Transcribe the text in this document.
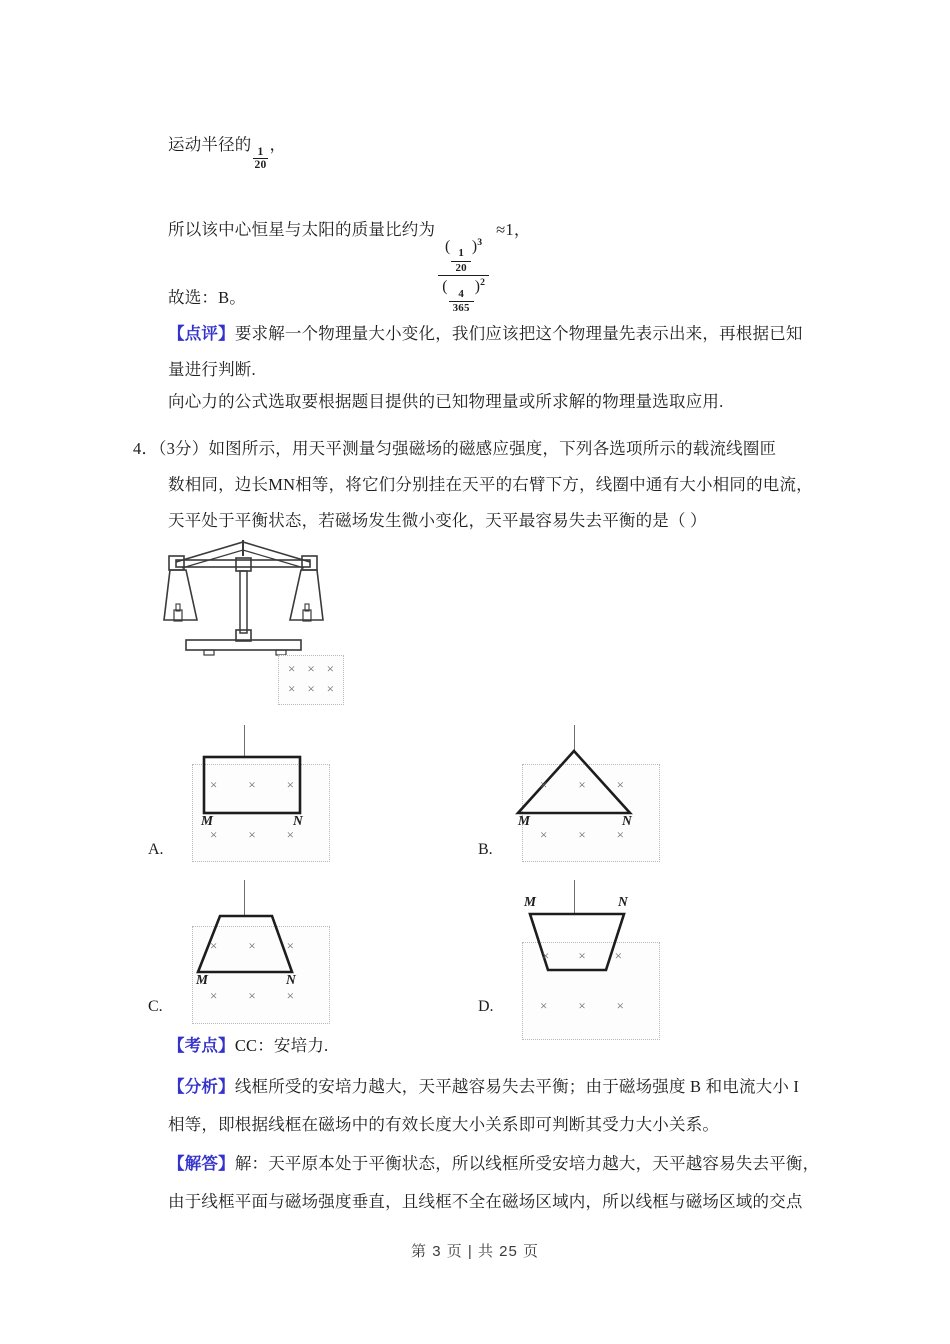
运动半径的
$\frac{1}{20}$
，
所以该中心恒星与太阳的质量比约为
(
$\frac{1}{20}$
)$^3$
(
$\frac{4}{365}$
)$^2$
≈1，
故选：B。
【点评】要求解一个物理量大小变化，我们应该把这个物理量先表示出来，再根据已知
量进行判断.
向心力的公式选取要根据题目提供的已知物理量或所求解的物理量选取应用.
4．（3分）如图所示，用天平测量匀强磁场的磁感应强度，下列各选项所示的载流线圈匝
数相同，边长MN相等，将它们分别挂在天平的右臂下方，线圈中通有大小相同的电流，
天平处于平衡状态，若磁场发生微小变化，天平最容易失去平衡的是（ ）
× × ×
× × ×
× × ×
× × ×
M	N
A.
× × ×
× × ×
M	N
B.
× × ×
× × ×
M	N
C.
× × ×
× × ×
M	N
D.
【考点】CC：安培力.
【分析】线框所受的安培力越大，天平越容易失去平衡；由于磁场强度 B 和电流大小 I
相等，即根据线框在磁场中的有效长度大小关系即可判断其受力大小关系。
【解答】解：天平原本处于平衡状态，所以线框所受安培力越大，天平越容易失去平衡，
由于线框平面与磁场强度垂直，且线框不全在磁场区域内，所以线框与磁场区域的交点
第 3 页 | 共 25 页
